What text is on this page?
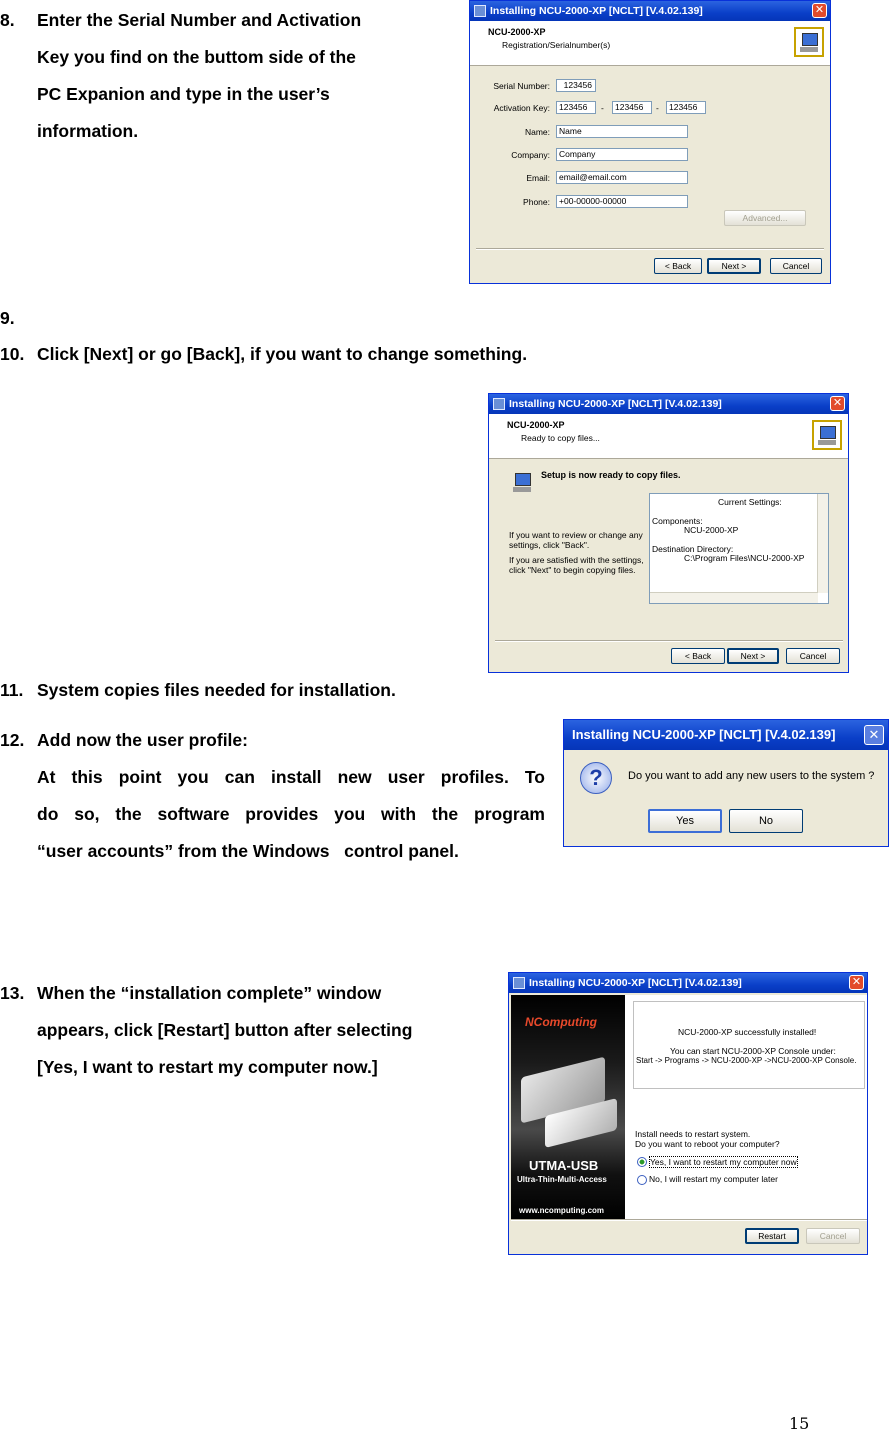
8.	Enter the Serial Number and Activation
Key you find on the buttom side of the
PC Expanion and type in the user’s
information.
Installing NCU-2000-XP [NCLT] [V.4.02.139]	✕
NCU-2000-XP
Registration/Serialnumber(s)
Serial Number:	123456
Activation Key:	123456	-	123456	-	123456
Name:	Name
Company:	Company
Email:	email@email.com
Phone:	+00-00000-00000
Advanced...
< Back	Next >	Cancel
9.
10. Click [Next] or go [Back], if you want to change something.
Installing NCU-2000-XP [NCLT] [V.4.02.139]	✕
NCU-2000-XP
Ready to copy files...
Setup is now ready to copy files.
If you want to review or change any
settings, click "Back".
If you are satisfied with the settings,
click "Next" to begin copying files.
Current Settings:
Components:
NCU-2000-XP
Destination Directory:
C:\Program Files\NCU-2000-XP
< Back	Next >	Cancel
11. System copies files needed for installation.
12. Add now the user profile:
At this point you can install new user profiles. To
do so, the software provides you with the program
“user accounts” from the Windows   control panel.
Installing NCU-2000-XP [NCLT] [V.4.02.139]	✕
?	Do you want to add any new users to the system ?
Yes	No
13. When the “installation complete” window
appears, click [Restart] button after selecting
[Yes, I want to restart my computer now.]
Installing NCU-2000-XP [NCLT] [V.4.02.139]	✕
NComputing
UTMA-USB
Ultra-Thin-Multi-Access
www.ncomputing.com
NCU-2000-XP successfully installed!
You can start NCU-2000-XP Console under:
Start -> Programs -> NCU-2000-XP ->NCU-2000-XP Console.
Install needs to restart system.
Do you want to reboot your computer?
Yes, I want to restart my computer now
No, I will restart my computer later
Restart	Cancel
15
